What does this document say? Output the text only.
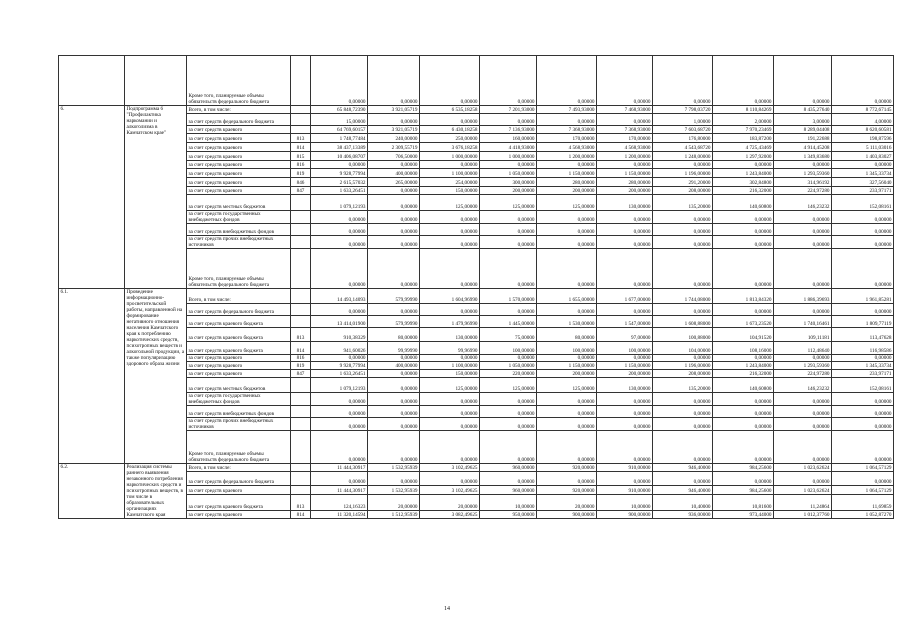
		Кроме того, планируемые объемы обязательств федерального бюджета		0,00000	0,00000	0,00000	0,00000	0,00000	0,00000	0,00000	0,00000	0,00000	0,00000
6.	Подпрограмма 6 "Профилактика наркомании и алкоголизма в Камчатском крае"	Всего, в том числе:		65 848,72390	3 921,05719	6 535,18258	7 201,93000	7 493,93000	7 468,93000	7 798,03720	8 110,84269	8 435,27640	8 772,67145
		за счет средств федерального бюджета		15,00000	0,00000	0,00000	0,00000	0,00000	0,00000	1,00000	2,00000	3,00000	4,00000
		за счет средств краевого		64 769,60157	3 921,05719	6 430,18258	7 136,93000	7 368,93000	7 368,93000	7 603,68720	7 970,23469	8 289,04408	8 620,60581
		за счет средств краевого	813	1 748,77484	240,00000	250,00000	160,00000	170,00000	170,00000	176,80000	183,87200	191,22688	198,87596
		за счет средств краевого	814	38 437,13389	2 309,55719	3 676,18258	4 418,93000	4 568,93000	4 568,93000	4 543,68720	4 725,43469	4 914,45208	5 111,03016
		за счет средств краевого	815	10 406,08707	706,50000	1 000,00000	1 000,00000	1 200,00000	1 200,00000	1 248,00000	1 297,92000	1 349,83680	1 403,83027
		за счет средств краевого	816	0,00000	0,00000	0,00000	0,00000	0,00000	0,00000	0,00000	0,00000	0,00000	0,00000
		за счет средств краевого	819	9 928,77994	400,00000	1 100,00000	1 050,00000	1 150,00000	1 150,00000	1 196,00000	1 243,84000	1 293,59360	1 345,33734
		за счет средств краевого	846	2 615,57032	265,00000	254,00000	300,00000	280,00000	280,00000	291,20000	302,84800	314,96192	327,56040
		за счет средств краевого	847	1 633,26451	0,00000	150,00000	200,00000	200,00000	200,00000	208,00000	216,32000	224,97280	233,97171
		за счет средств местных бюджетов		1 079,12193	0,00000	125,00000	125,00000	125,00000	130,00000	135,20000	140,60800	146,23232	152,08161
		за счет средств государственных внебюджетных фондов		0,00000	0,00000	0,00000	0,00000	0,00000	0,00000	0,00000	0,00000	0,00000	0,00000
		за счет средств внебюджетных фондов		0,00000	0,00000	0,00000	0,00000	0,00000	0,00000	0,00000	0,00000	0,00000	0,00000
		за счет средств прочих внебюджетных источников		0,00000	0,00000	0,00000	0,00000	0,00000	0,00000	0,00000	0,00000	0,00000	0,00000
		Кроме того, планируемые объемы обязательств федерального бюджета		0,00000	0,00000	0,00000	0,00000	0,00000	0,00000	0,00000	0,00000	0,00000	0,00000
6.1.	Проведение информационно-просветительской работы, направленной на формирование негативного отношения населения Камчатского края к потреблению наркотических средств, психотропных веществ и алкогольной продукции, а также популяризацию здорового образа жизни	Всего, в том числе:		14 493,14093	579,99990	1 604,96990	1 570,00000	1 655,00000	1 677,00000	1 744,08000	1 813,84320	1 886,39693	1 961,85281
		за счет средств федерального бюджета		0,00000	0,00000	0,00000	0,00000	0,00000	0,00000	0,00000	0,00000	0,00000	0,00000
		за счет средств краевого бюджета		13 414,01900	579,99990	1 479,96990	1 445,00000	1 530,00000	1 547,00000	1 608,88000	1 673,23520	1 740,16461	1 809,77119
		за счет средств краевого бюджета	813	910,38329	80,00000	130,00000	75,00000	80,00000	97,00000	100,88000	104,91520	109,11181	113,47628
		за счет средств краевого бюджета	814	941,60026	99,99990	99,96990	100,00000	100,00000	100,00000	104,00000	108,16000	112,48640	116,98586
		за счет средств краевого	816	0,00000	0,00000	0,00000	0,00000	0,00000	0,00000	0,00000	0,00000	0,00000	0,00000
		за счет средств краевого	819	9 928,77994	400,00000	1 100,00000	1 050,00000	1 150,00000	1 150,00000	1 196,00000	1 243,84000	1 293,59360	1 345,33734
		за счет средств краевого	847	1 633,26451	0,00000	150,00000	220,00000	200,00000	200,00000	208,00000	216,32000	224,97280	233,97171
		за счет средств местных бюджетов		1 079,12193	0,00000	125,00000	125,00000	125,00000	130,00000	135,20000	140,60800	146,23232	152,08161
		за счет средств государственных внебюджетных фондов		0,00000	0,00000	0,00000	0,00000	0,00000	0,00000	0,00000	0,00000	0,00000	0,00000
		за счет средств внебюджетных фондов		0,00000	0,00000	0,00000	0,00000	0,00000	0,00000	0,00000	0,00000	0,00000	0,00000
		за счет средств прочих внебюджетных источников		0,00000	0,00000	0,00000	0,00000	0,00000	0,00000	0,00000	0,00000	0,00000	0,00000
		Кроме того, планируемые объемы обязательств федерального бюджета		0,00000	0,00000	0,00000	0,00000	0,00000	0,00000	0,00000	0,00000	0,00000	0,00000
6.2.	Реализация системы раннего выявления незаконного потребления наркотических средств и психотропных веществ, в том числе в образовательных организациях Камчатского края	Всего, в том числе:		11 444,30917	1 532,95939	3 102,49625	960,00000	920,00000	910,00000	946,40000	984,25600	1 023,62624	1 064,57129
		за счет средств федерального бюджета		0,00000	0,00000	0,00000	0,00000	0,00000	0,00000	0,00000	0,00000	0,00000	0,00000
		за счет средств краевого		11 444,30917	1 532,95939	3 102,49625	960,00000	920,00000	910,00000	946,40000	984,25600	1 023,62624	1 064,57129
		за счет средств краевого бюджета	813	124,16323	20,00000	20,00000	10,00000	20,00000	10,00000	10,40000	10,81600	11,24864	11,69859
		за счет средств краевого	814	11 320,14594	1 512,95939	3 082,49625	950,00000	900,00000	900,00000	936,00000	973,44000	1 012,37760	1 052,87270
14
